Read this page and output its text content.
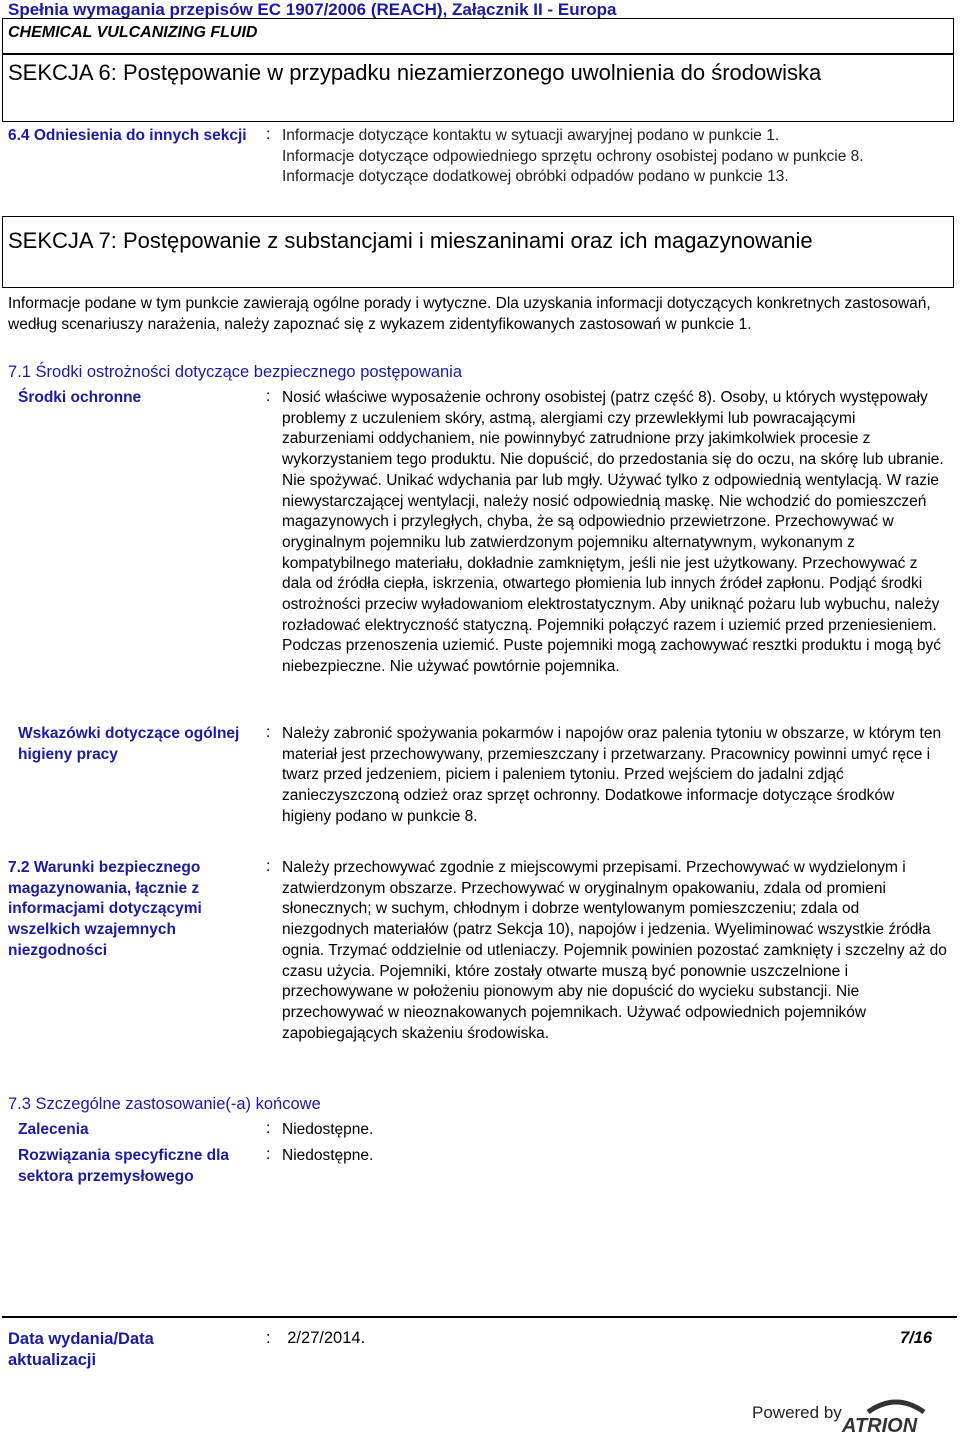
Spełnia wymagania przepisów EC 1907/2006 (REACH), Załącznik II - Europa
CHEMICAL VULCANIZING FLUID
SEKCJA 6: Postępowanie w przypadku niezamierzonego uwolnienia do środowiska
6.4 Odniesienia do innych sekcji : Informacje dotyczące kontaktu w sytuacji awaryjnej podano w punkcie 1.
Informacje dotyczące odpowiedniego sprzętu ochrony osobistej podano w punkcie 8.
Informacje dotyczące dodatkowej obróbki odpadów podano w punkcie 13.
SEKCJA 7: Postępowanie z substancjami i mieszaninami oraz ich magazynowanie
Informacje podane w tym punkcie zawierają ogólne porady i wytyczne. Dla uzyskania informacji dotyczących konkretnych zastosowań, według scenariuszy narażenia, należy zapoznać się z wykazem zidentyfikowanych zastosowań w punkcie 1.
7.1 Środki ostrożności dotyczące bezpiecznego postępowania
Środki ochronne	: Nosić właściwe wyposażenie ochrony osobistej (patrz część 8). Osoby, u których występowały problemy z uczuleniem skóry, astmą, alergiami czy przewlekłymi lub powracającymi zaburzeniami oddychaniem, nie powinnybyć zatrudnione przy jakimkolwiek procesie z wykorzystaniem tego produktu. Nie dopuścić, do przedostania się do oczu, na skórę lub ubranie. Nie spożywać. Unikać wdychania par lub mgły. Używać tylko z odpowiednią wentylacją. W razie niewystarczającej wentylacji, należy nosić odpowiednią maskę. Nie wchodzić do pomieszczeń magazynowych i przyległych, chyba, że są odpowiednio przewietrzone. Przechowywać w oryginalnym pojemniku lub zatwierdzonym pojemniku alternatywnym, wykonanym z kompatybilnego materiału, dokładnie zamkniętym, jeśli nie jest użytkowany. Przechowywać z dala od źródła ciepła, iskrzenia, otwartego płomienia lub innych źródeł zapłonu. Podjąć środki ostrożności przeciw wyładowaniom elektrostatycznym. Aby uniknąć pożaru lub wybuchu, należy rozładować elektryczność statyczną. Pojemniki połączyć razem i uziemić przed przeniesieniem. Podczas przenoszenia uziemić. Puste pojemniki mogą zachowywać resztki produktu i mogą być niebezpieczne. Nie używać powtórnie pojemnika.
Wskazówki dotyczące ogólnej higieny pracy
: Należy zabronić spożywania pokarmów i napojów oraz palenia tytoniu w obszarze, w którym ten materiał jest przechowywany, przemieszczany i przetwarzany. Pracownicy powinni umyć ręce i twarz przed jedzeniem, piciem i paleniem tytoniu. Przed wejściem do jadalni zdjąć zanieczyszczoną odzież oraz sprzęt ochronny. Dodatkowe informacje dotyczące środków higieny podano w punkcie 8.
7.2 Warunki bezpiecznego magazynowania, łącznie z informacjami dotyczącymi wszelkich wzajemnych niezgodności
: Należy przechowywać zgodnie z miejscowymi przepisami. Przechowywać w wydzielonym i zatwierdzonym obszarze. Przechowywać w oryginalnym opakowaniu, zdala od promieni słonecznych; w suchym, chłodnym i dobrze wentylowanym pomieszczeniu; zdala od niezgodnych materiałów (patrz Sekcja 10), napojów i jedzenia. Wyeliminować wszystkie źródła ognia. Trzymać oddzielnie od utleniaczy. Pojemnik powinien pozostać zamknięty i szczelny aż do czasu użycia. Pojemniki, które zostały otwarte muszą być ponownie uszczelnione i przechowywane w położeniu pionowym aby nie dopuścić do wycieku substancji. Nie przechowywać w nieoznakowanych pojemnikach. Używać odpowiednich pojemników zapobiegających skażeniu środowiska.
7.3 Szczególne zastosowanie(-a) końcowe
Zalecenia	: Niedostępne.
Rozwiązania specyficzne dla sektora przemysłowego
: Niedostępne.
Data wydania/Data aktualizacji
: 2/27/2014.	7/16
Powered by
ATRION
